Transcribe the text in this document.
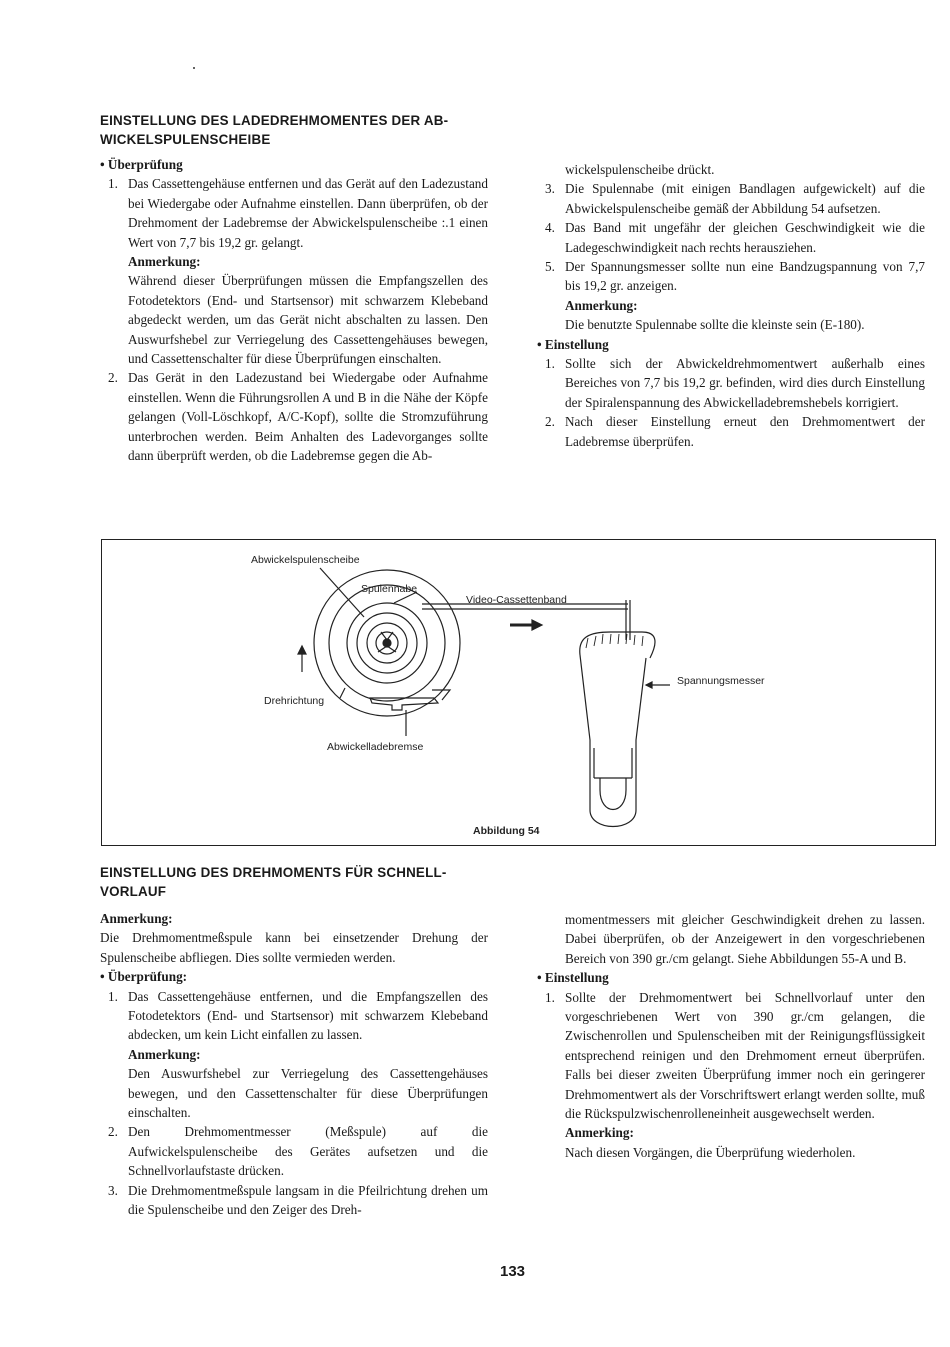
EINSTELLUNG DES LADEDREHMOMENTES DER AB-WICKELSPULENSCHEIBE

• Überprüfung

1. Das Cassettengehäuse entfernen und das Gerät auf den Ladezustand bei Wiedergabe oder Aufnahme einstellen. Dann überprüfen, ob der Drehmoment der Ladebremse der Abwickelspulenscheibe :.1 einen Wert von 7,7 bis 19,2 gr. gelangt.

Anmerkung:

Während dieser Überprüfungen müssen die Empfangszellen des Fotodetektors (End- und Startsensor) mit schwarzem Klebeband abgedeckt werden, um das Gerät nicht abschalten zu lassen. Den Auswurfshebel zur Verriegelung des Cassettengehäuses bewegen, und Cassettenschalter für diese Überprüfungen einschalten.

2. Das Gerät in den Ladezustand bei Wiedergabe oder Aufnahme einstellen. Wenn die Führungsrollen A und B in die Nähe der Köpfe gelangen (Voll-Löschkopf, A/C-Kopf), sollte die Stromzuführung unterbrochen werden. Beim Anhalten des Ladevorganges sollte dann überprüft werden, ob die Ladebremse gegen die Ab-

wickelspulenscheibe drückt.

3. Die Spulennabe (mit einigen Bandlagen aufgewickelt) auf die Abwickelspulenscheibe gemäß der Abbildung 54 aufsetzen.
4. Das Band mit ungefähr der gleichen Geschwindigkeit wie die Ladegeschwindigkeit nach rechts herausziehen.
5. Der Spannungsmesser sollte nun eine Bandzugspannung von 7,7 bis 19,2 gr. anzeigen.

Anmerkung:

Die benutzte Spulennabe sollte die kleinste sein (E-180).

• Einstellung

1. Sollte sich der Abwickeldrehmomentwert außerhalb eines Bereiches von 7,7 bis 19,2 gr. befinden, wird dies durch Einstellung der Spiralenspannung des Abwickelladebremshebels korrigiert.
2. Nach dieser Einstellung erneut den Drehmomentwert der Ladebremse überprüfen.
Abwickelspulenscheibe
Spulennabe
Video-Cassettenband
Spannungsmesser
Drehrichtung
Abwickelladebremse
Abbildung 54
EINSTELLUNG DES DREHMOMENTS FÜR SCHNELL-VORLAUF

Anmerkung:

Die Drehmomentmeßspule kann bei einsetzender Drehung der Spulenscheibe abfliegen. Dies sollte vermieden werden.

• Überprüfung:

1. Das Cassettengehäuse entfernen, und die Empfangszellen des Fotodetektors (End- und Startsensor) mit schwarzem Klebeband abdecken, um kein Licht einfallen zu lassen.

Anmerkung:

Den Auswurfshebel zur Verriegelung des Cassettengehäuses bewegen, und den Cassettenschalter für diese Überprüfungen einschalten.

2. Den Drehmomentmesser (Meßspule) auf die Aufwickelspulenscheibe des Gerätes aufsetzen und die Schnellvorlaufstaste drücken.
3. Die Drehmomentmeßspule langsam in die Pfeilrichtung drehen um die Spulenscheibe und den Zeiger des Dreh-

momentmessers mit gleicher Geschwindigkeit drehen zu lassen. Dabei überprüfen, ob der Anzeigewert in den vorgeschriebenen Bereich von 390 gr./cm gelangt. Siehe Abbildungen 55-A und B.

• Einstellung

1. Sollte der Drehmomentwert bei Schnellvorlauf unter den vorgeschriebenen Wert von 390 gr./cm gelangen, die Zwischenrollen und Spulenscheiben mit der Reinigungsflüssigkeit entsprechend reinigen und den Drehmoment erneut überprüfen. Falls bei dieser zweiten Überprüfung immer noch ein geringerer Drehmomentwert als der Vorschriftswert erlangt werden sollte, muß die Rückspulzwischenrolleneinheit ausgewechselt werden.

Anmerking:

Nach diesen Vorgängen, die Überprüfung wiederholen.

133
